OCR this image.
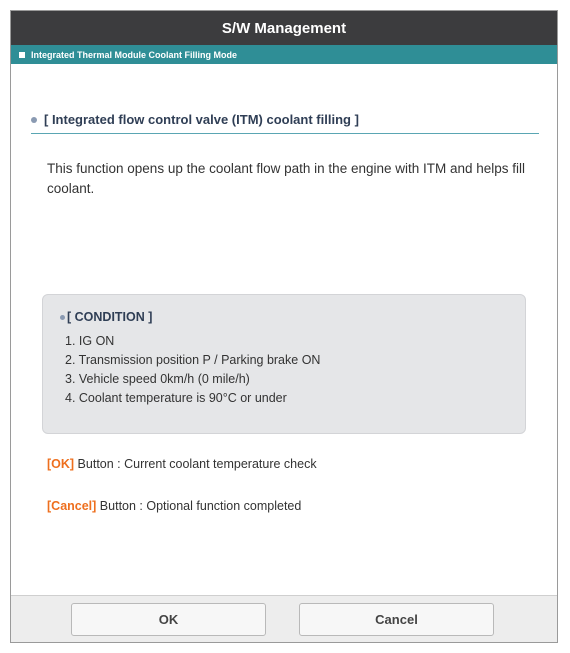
S/W Management
Integrated Thermal Module Coolant Filling Mode
[ Integrated flow control valve (ITM) coolant filling ]
This function opens up the coolant flow path in the engine with ITM and helps fill coolant.
[ CONDITION ]
1. IG ON
2. Transmission position P / Parking brake ON
3. Vehicle speed 0km/h (0 mile/h)
4. Coolant temperature is 90°C or under
[OK] Button : Current coolant temperature check
[Cancel] Button : Optional function completed
OK	Cancel
